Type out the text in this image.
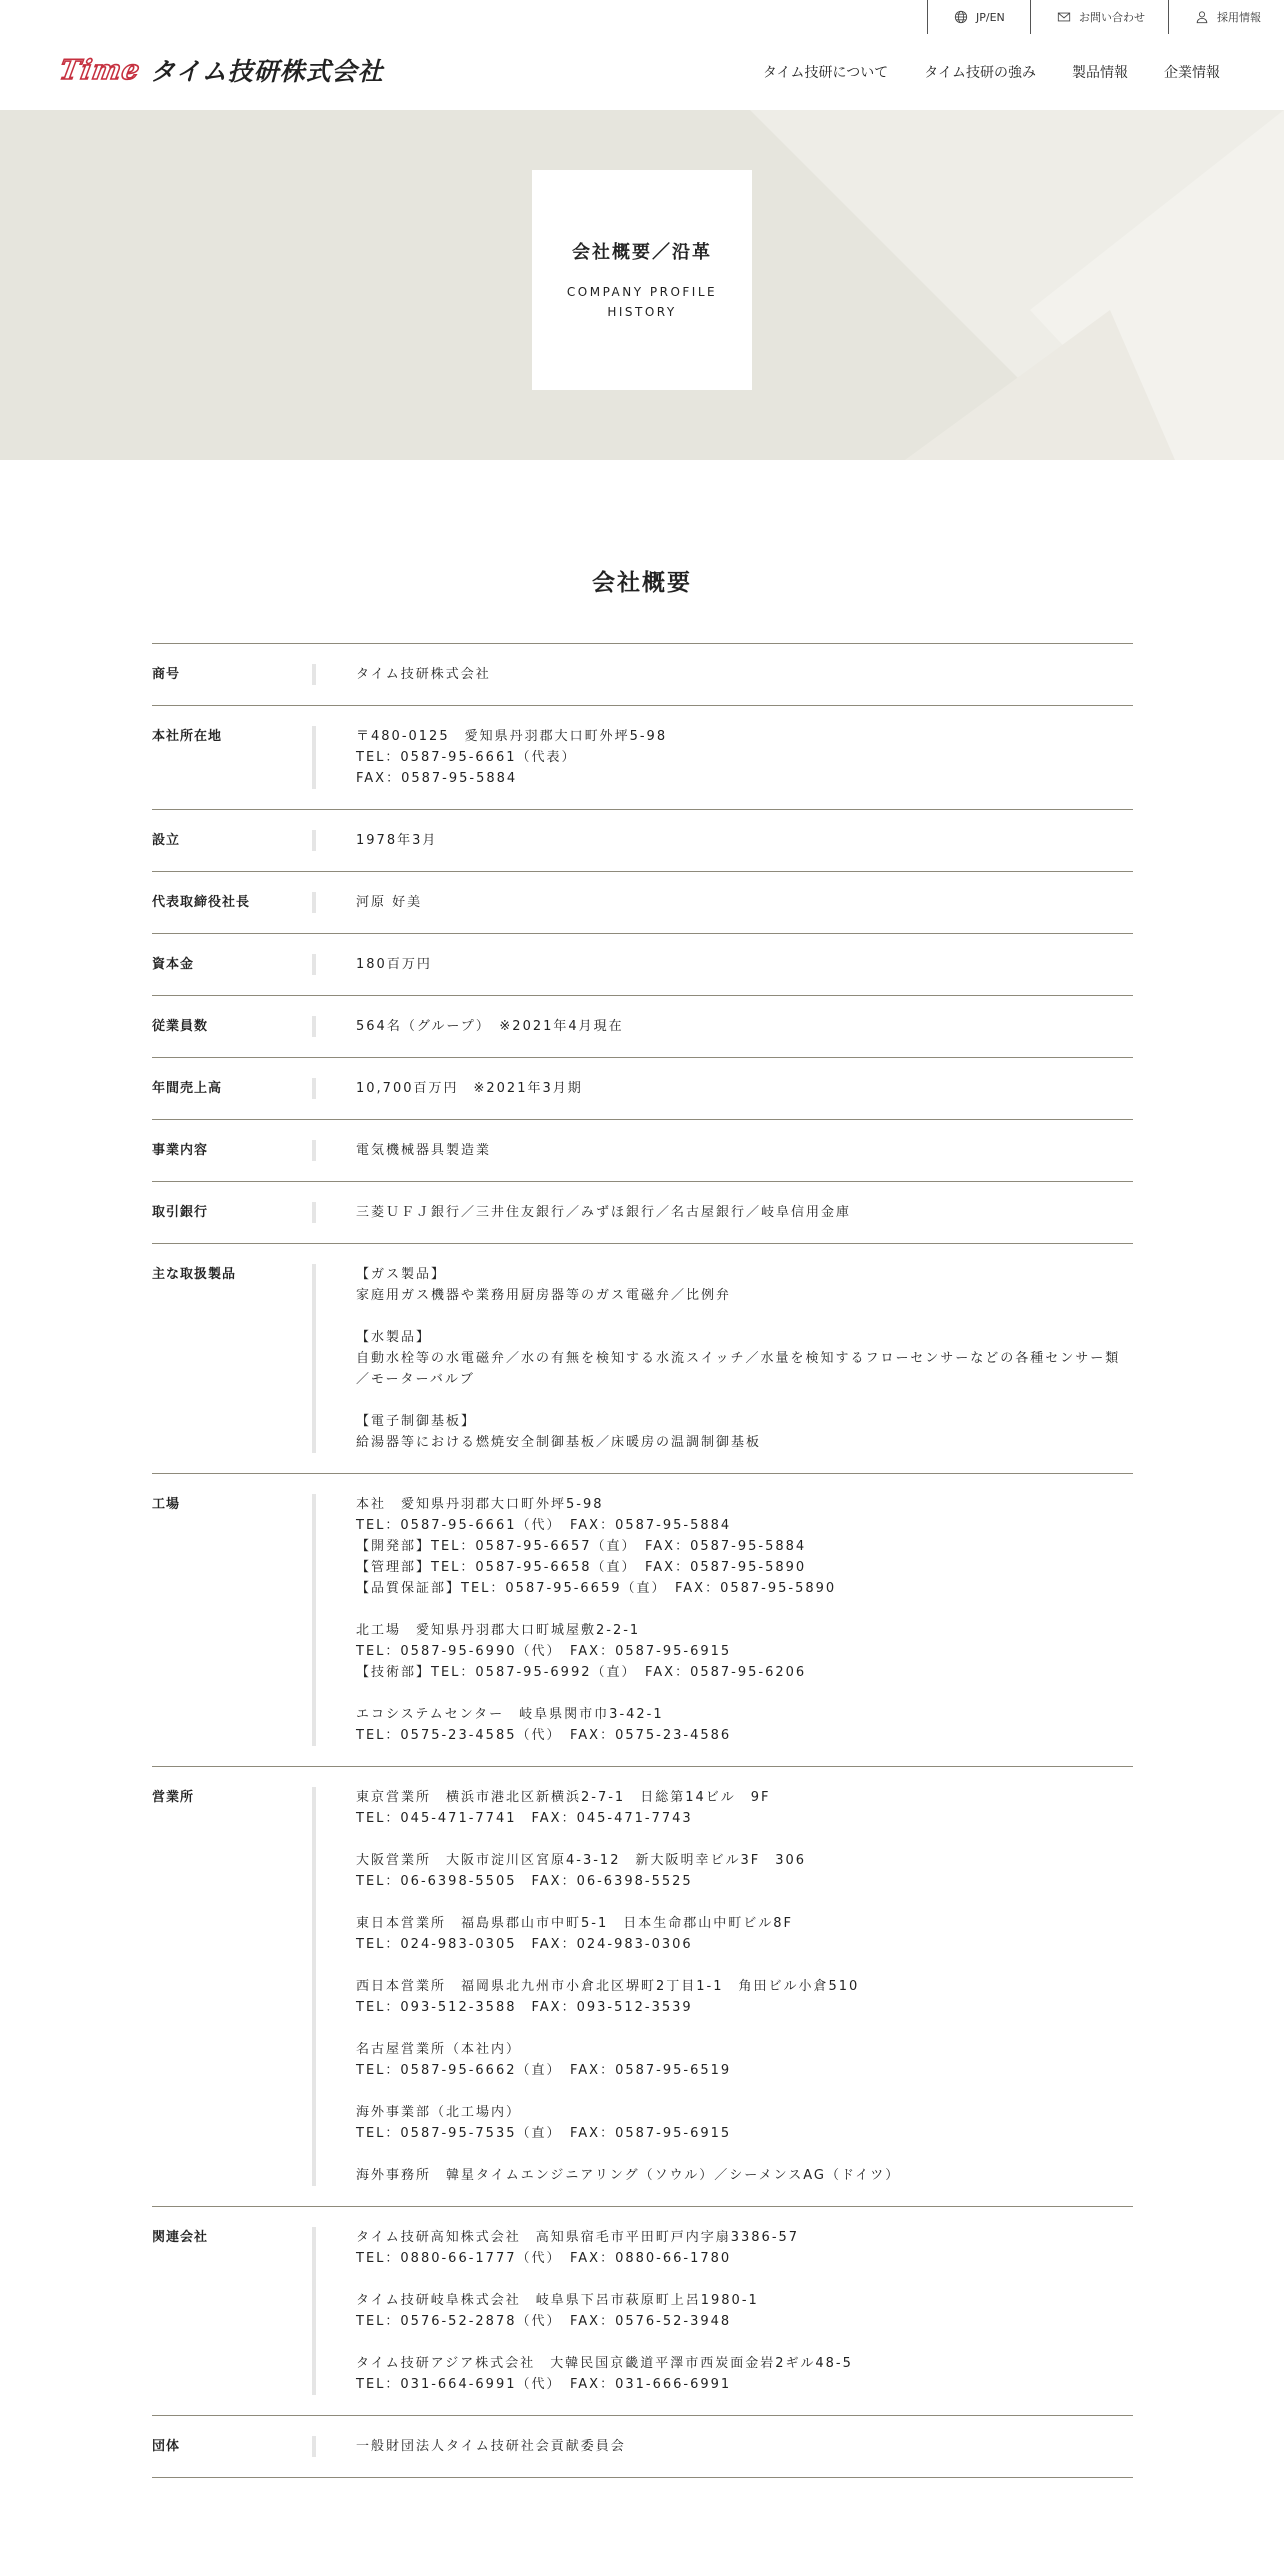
JP/EN	お問い合わせ	採用情報
Time タイム技研株式会社	タイム技研について	タイム技研の強み	製品情報	企業情報
会社概要／沿革
COMPANY PROFILE
HISTORY
会社概要
商号	タイム技研株式会社

本社所在地	〒480-0125　愛知県丹羽郡大口町外坪5-98
TEL：0587-95-6661（代表）
FAX：0587-95-5884

設立	1978年3月

代表取締役社長	河原 好美

資本金	180百万円

従業員数	564名（グループ）　※2021年4月現在

年間売上高	10,700百万円　※2021年3月期

事業内容	電気機械器具製造業

取引銀行	三菱ＵＦＪ銀行／三井住友銀行／みずほ銀行／名古屋銀行／岐阜信用金庫

主な取扱製品	【ガス製品】
家庭用ガス機器や業務用厨房器等のガス電磁弁／比例弁

【水製品】
自動水栓等の水電磁弁／水の有無を検知する水流スイッチ／水量を検知するフローセンサーなどの各種センサー類／モーターバルブ

【電子制御基板】
給湯器等における燃焼安全制御基板／床暖房の温調制御基板

工場	本社　愛知県丹羽郡大口町外坪5-98
TEL：0587-95-6661（代）　FAX：0587-95-5884
【開発部】TEL：0587-95-6657（直）　FAX：0587-95-5884
【管理部】TEL：0587-95-6658（直）　FAX：0587-95-5890
【品質保証部】TEL：0587-95-6659（直）　FAX：0587-95-5890

北工場　愛知県丹羽郡大口町城屋敷2-2-1
TEL：0587-95-6990（代）　FAX：0587-95-6915
【技術部】TEL：0587-95-6992（直）　FAX：0587-95-6206

エコシステムセンター　岐阜県関市巾3-42-1
TEL：0575-23-4585（代）　FAX：0575-23-4586

営業所	東京営業所　横浜市港北区新横浜2-7-1　日総第14ビル　9F
TEL：045-471-7741　FAX：045-471-7743

大阪営業所　大阪市淀川区宮原4-3-12　新大阪明幸ビル3F　306
TEL：06-6398-5505　FAX：06-6398-5525

東日本営業所　福島県郡山市中町5-1　日本生命郡山中町ビル8F
TEL：024-983-0305　FAX：024-983-0306

西日本営業所　福岡県北九州市小倉北区堺町2丁目1-1　角田ビル小倉510
TEL：093-512-3588　FAX：093-512-3539

名古屋営業所（本社内）
TEL：0587-95-6662（直）　FAX：0587-95-6519

海外事業部（北工場内）
TEL：0587-95-7535（直）　FAX：0587-95-6915

海外事務所　韓星タイムエンジニアリング（ソウル）／シーメンスAG（ドイツ）

関連会社	タイム技研高知株式会社　高知県宿毛市平田町戸内字扇3386-57
TEL：0880-66-1777（代）　FAX：0880-66-1780

タイム技研岐阜株式会社　岐阜県下呂市萩原町上呂1980-1
TEL：0576-52-2878（代）　FAX：0576-52-3948

タイム技研アジア株式会社　大韓民国京畿道平澤市西炭面金岩2ギル48-5
TEL：031-664-6991（代）　FAX：031-666-6991

団体	一般財団法人タイム技研社会貢献委員会
